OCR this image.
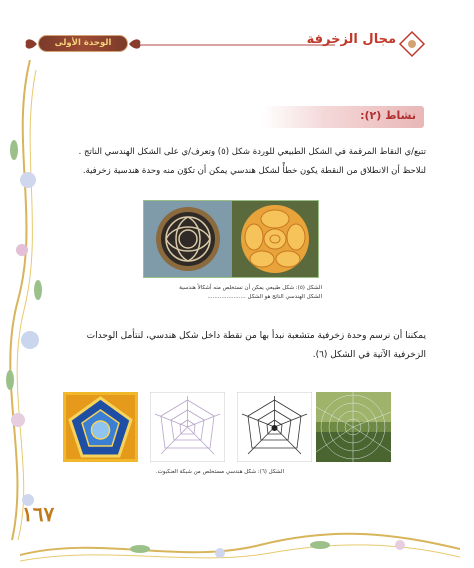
مجال الزخرفة
الوحدة الأولى
نشاط (٢):

تتبع/ي النقاط المرقمة في الشكل الطبيعي للوردة شكل (٥) وتعرف/ي على الشكل الهندسي الناتج .

لنلاحظ أن الانطلاق من النقطة يكون خطأً لشكل هندسي يمكن أن تكوّن منه وحدة هندسية زخرفية.

الشكل (٥): شكل طبيعي يمكن أن نستخلص منه أشكالاً هندسية
الشكل الهندسي الناتج هو الشكل ......................

يمكننا أن نرسم وحدة زخرفية متشعبة نبدأ بها من نقطة داخل شكل هندسي، لنتأمل الوحدات

الزخرفية الآتية في الشكل (٦).

الشكل (٦): شكل هندسي مستخلص من شبكة العنكبوت.
١٦٧
